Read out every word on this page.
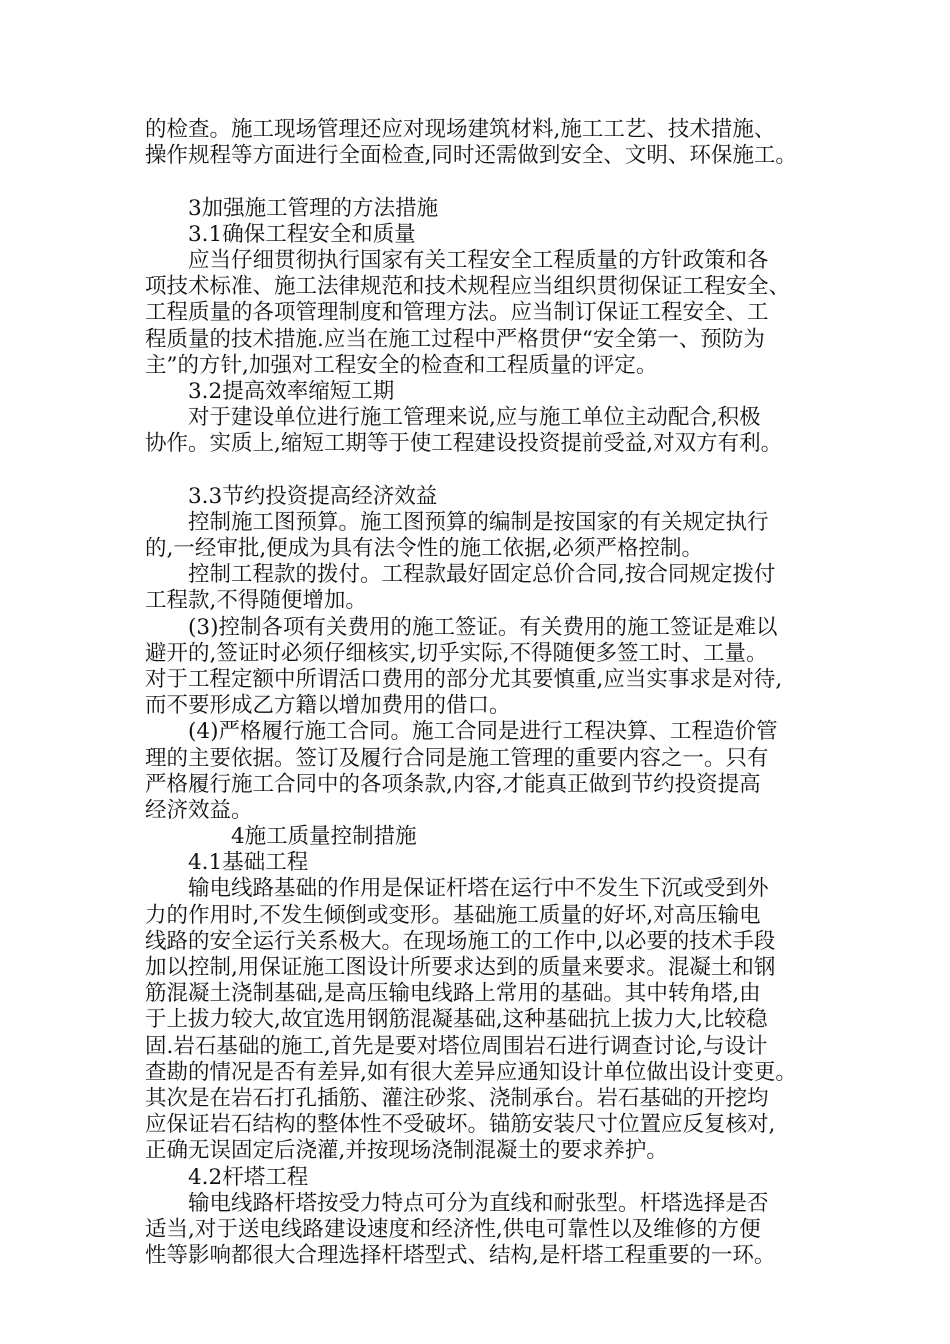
的检查。施工现场管理还应对现场建筑材料,施工工艺、技术措施、
操作规程等方面进行全面检查,同时还需做到安全、文明、环保施工。
3加强施工管理的方法措施
3.1确保工程安全和质量
应当仔细贯彻执行国家有关工程安全工程质量的方针政策和各
项技术标准、施工法律规范和技术规程应当组织贯彻保证工程安全、
工程质量的各项管理制度和管理方法。应当制订保证工程安全、工
程质量的技术措施.应当在施工过程中严格贯伊“安全第一、预防为
主”的方针,加强对工程安全的检查和工程质量的评定。
3.2提高效率缩短工期
对于建设单位进行施工管理来说,应与施工单位主动配合,积极
协作。实质上,缩短工期等于使工程建设投资提前受益,对双方有利。
3.3节约投资提高经济效益
控制施工图预算。施工图预算的编制是按国家的有关规定执行
的,一经审批,便成为具有法令性的施工依据,必须严格控制。
控制工程款的拨付。工程款最好固定总价合同,按合同规定拨付
工程款,不得随便增加。
(3)控制各项有关费用的施工签证。有关费用的施工签证是难以
避开的,签证时必须仔细核实,切乎实际,不得随便多签工时、工量。
对于工程定额中所谓活口费用的部分尤其要慎重,应当实事求是对待,
而不要形成乙方籍以增加费用的借口。
(4)严格履行施工合同。施工合同是进行工程决算、工程造价管
理的主要依据。签订及履行合同是施工管理的重要内容之一。只有
严格履行施工合同中的各项条款,内容,才能真正做到节约投资提高
经济效益。
4施工质量控制措施
4.1基础工程
输电线路基础的作用是保证杆塔在运行中不发生下沉或受到外
力的作用时,不发生倾倒或变形。基础施工质量的好坏,对高压输电
线路的安全运行关系极大。在现场施工的工作中,以必要的技术手段
加以控制,用保证施工图设计所要求达到的质量来要求。混凝土和钢
筋混凝土浇制基础,是高压输电线路上常用的基础。其中转角塔,由
于上拔力较大,故宜选用钢筋混凝基础,这种基础抗上拔力大,比较稳
固.岩石基础的施工,首先是要对塔位周围岩石进行调查讨论,与设计
查勘的情况是否有差异,如有很大差异应通知设计单位做出设计变更。
其次是在岩石打孔插筋、灌注砂浆、浇制承台。岩石基础的开挖均
应保证岩石结构的整体性不受破坏。锚筋安装尺寸位置应反复核对,
正确无误固定后浇灌,并按现场浇制混凝土的要求养护。
4.2杆塔工程
输电线路杆塔按受力特点可分为直线和耐张型。杆塔选择是否
适当,对于送电线路建设速度和经济性,供电可靠性以及维修的方便
性等影响都很大合理选择杆塔型式、结构,是杆塔工程重要的一环。
